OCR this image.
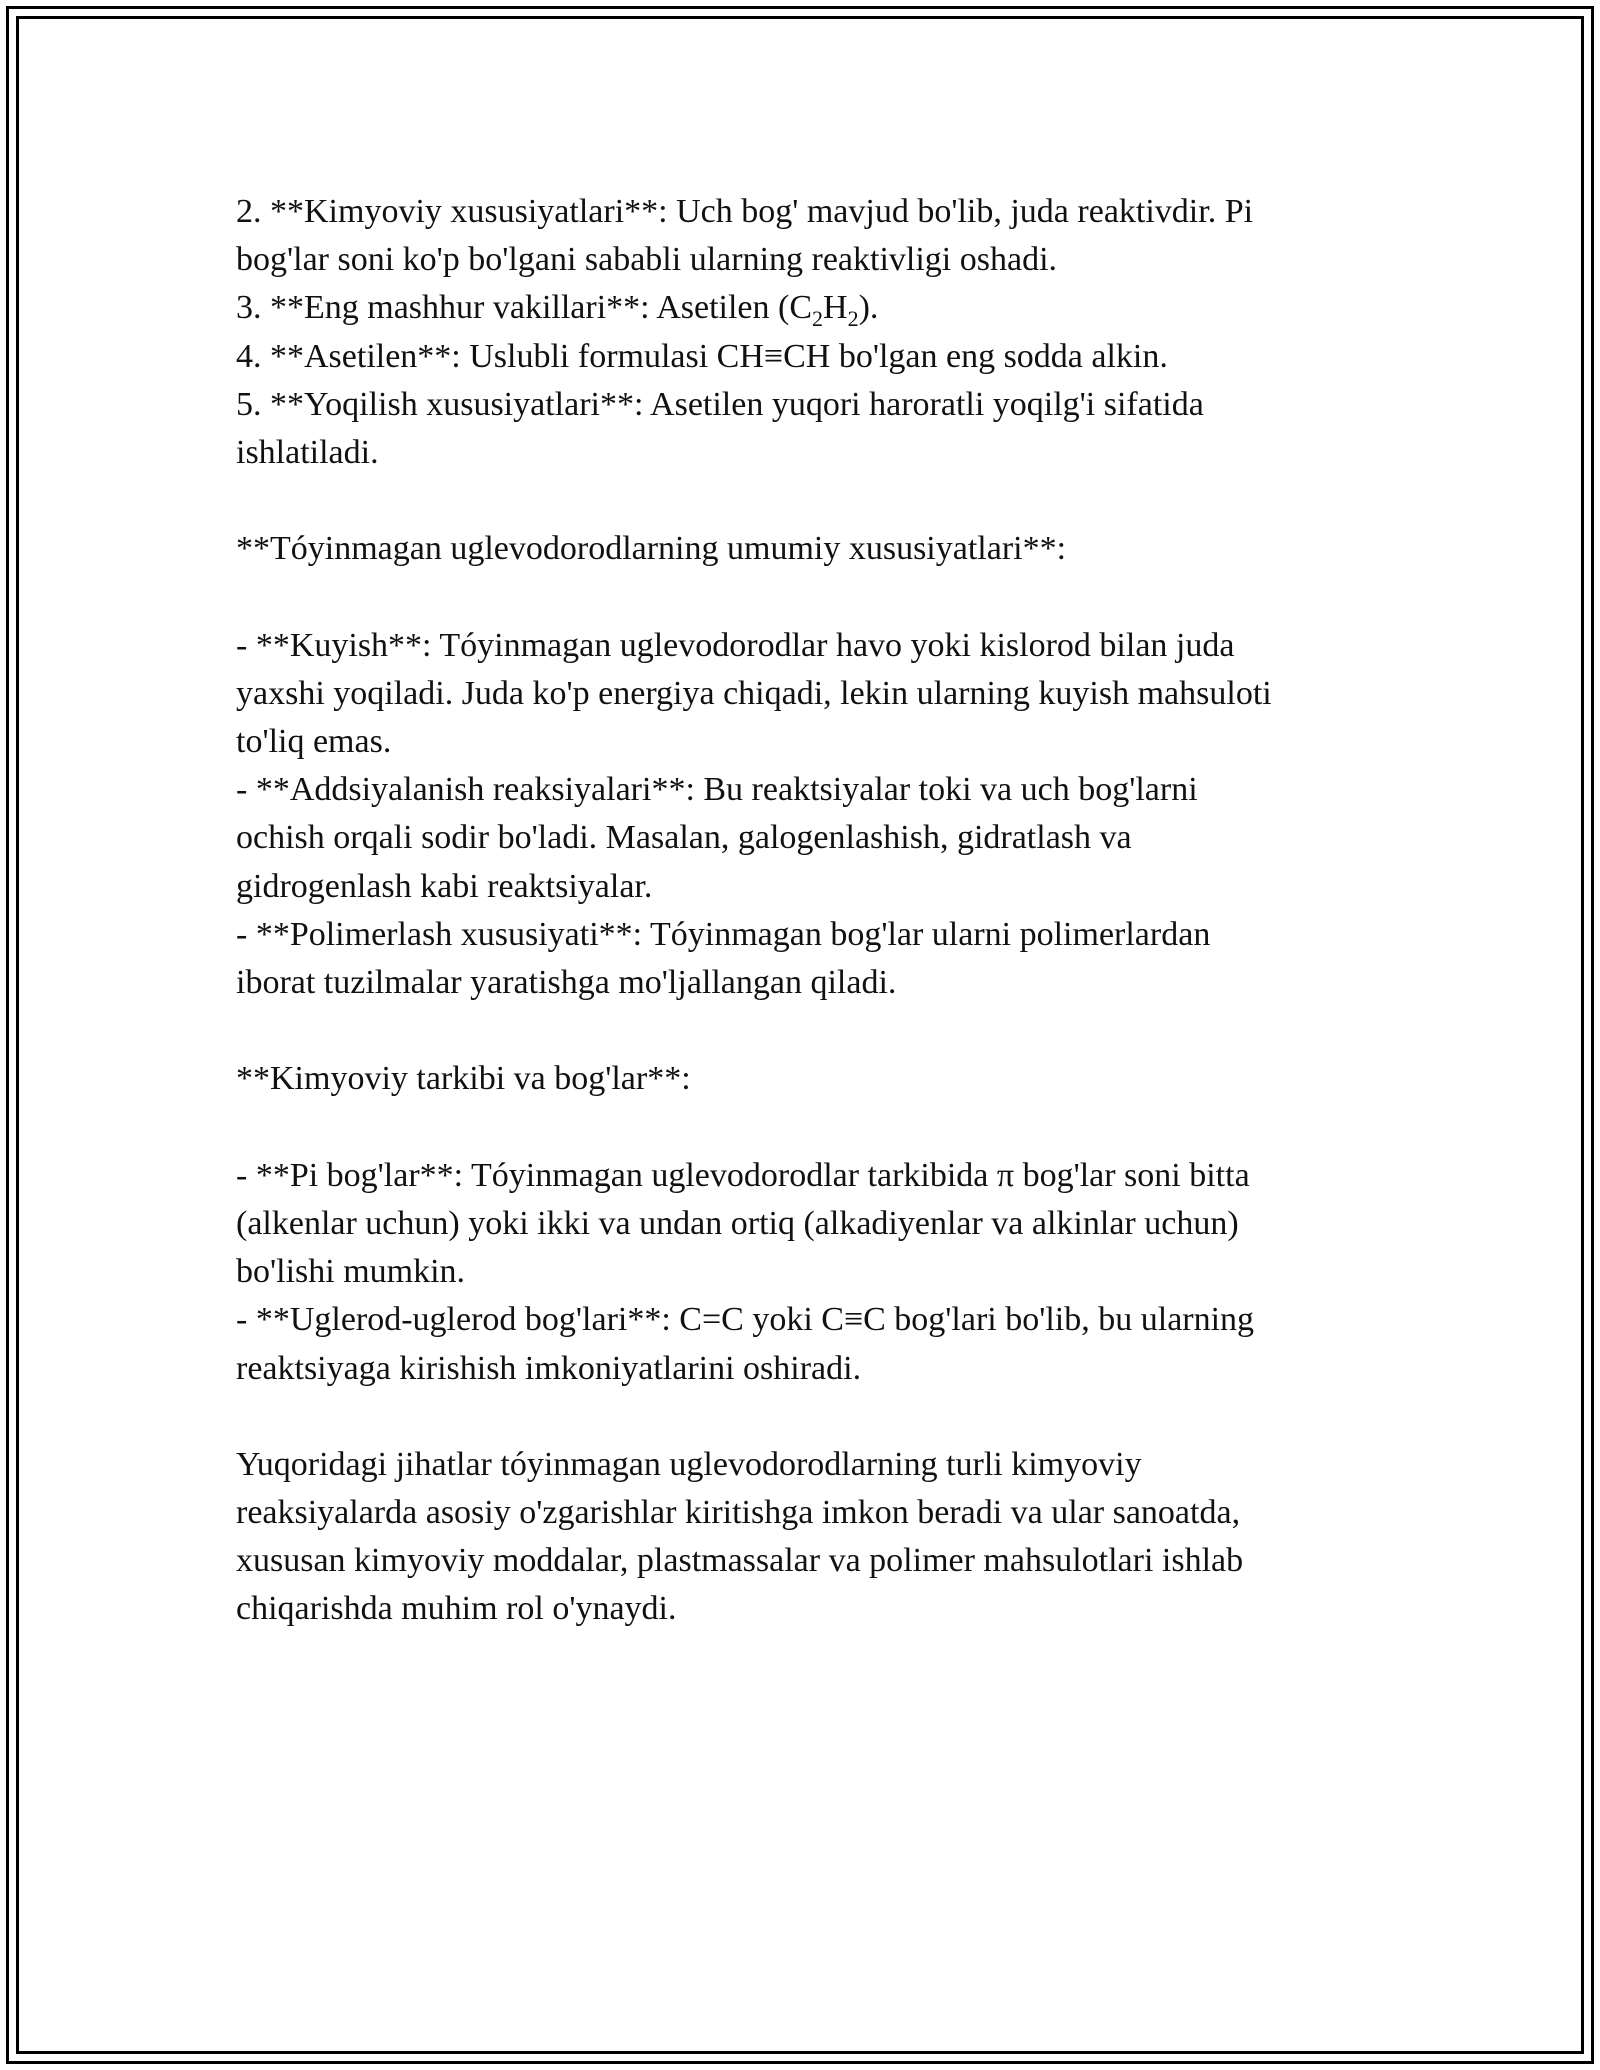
2. **Kimyoviy xususiyatlari**: Uch bog' mavjud bo'lib, juda reaktivdir. Pi

bog'lar soni ko'p bo'lgani sababli ularning reaktivligi oshadi.

3. **Eng mashhur vakillari**: Asetilen $(C_2H_2)$.

4. **Asetilen**: Uslubli formulasi CH≡CH bo'lgan eng sodda alkin.

5. **Yoqilish xususiyatlari**: Asetilen yuqori haroratli yoqilg'i sifatida

ishlatiladi.

**Tóyinmagan uglevodorodlarning umumiy xususiyatlari**:

- **Kuyish**: Tóyinmagan uglevodorodlar havo yoki kislorod bilan juda

yaxshi yoqiladi. Juda ko'p energiya chiqadi, lekin ularning kuyish mahsuloti

to'liq emas.

- **Addsiyalanish reaksiyalari**: Bu reaktsiyalar toki va uch bog'larni

ochish orqali sodir bo'ladi. Masalan, galogenlashish, gidratlash va

gidrogenlash kabi reaktsiyalar.

- **Polimerlash xususiyati**: Tóyinmagan bog'lar ularni polimerlardan

iborat tuzilmalar yaratishga mo'ljallangan qiladi.

**Kimyoviy tarkibi va bog'lar**:

- **Pi bog'lar**: Tóyinmagan uglevodorodlar tarkibida π bog'lar soni bitta

(alkenlar uchun) yoki ikki va undan ortiq (alkadiyenlar va alkinlar uchun)

bo'lishi mumkin.

- **Uglerod-uglerod bog'lari**: C=C yoki C≡C bog'lari bo'lib, bu ularning

reaktsiyaga kirishish imkoniyatlarini oshiradi.

Yuqoridagi jihatlar tóyinmagan uglevodorodlarning turli kimyoviy

reaksiyalarda asosiy o'zgarishlar kiritishga imkon beradi va ular sanoatda,

xususan kimyoviy moddalar, plastmassalar va polimer mahsulotlari ishlab

chiqarishda muhim rol o'ynaydi.
